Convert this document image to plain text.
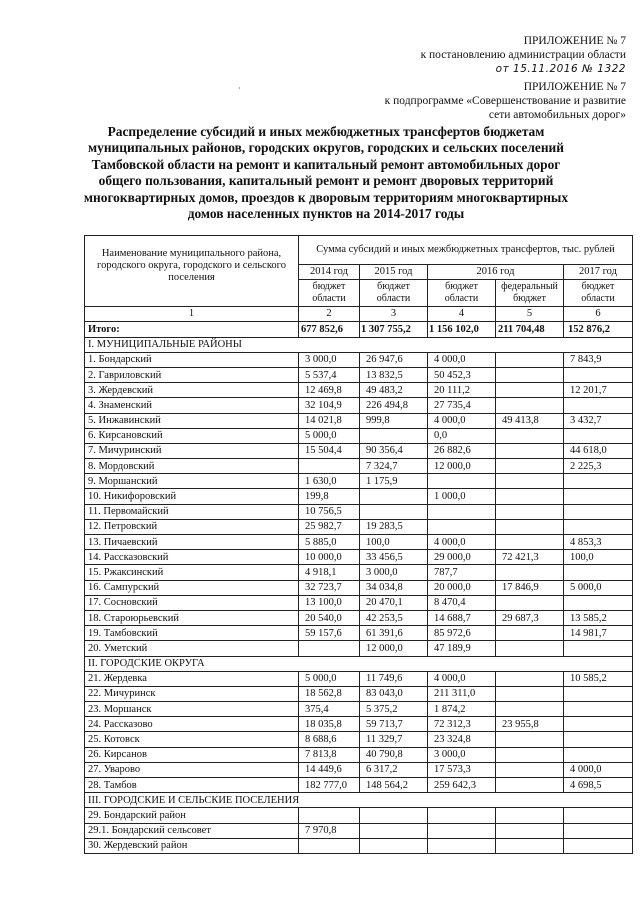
ПРИЛОЖЕНИЕ № 7
к постановлению администрации области
от 15.11.2016 № 1322
ПРИЛОЖЕНИЕ № 7
к подпрограмме «Совершенствование и развитие
сети автомобильных дорог»
Распределение субсидий и иных межбюджетных трансфертов бюджетам
муниципальных районов, городских округов, городских и сельских поселений
Тамбовской области на ремонт и капитальный ремонт автомобильных дорог
общего пользования, капитальный ремонт и ремонт дворовых территорий
многоквартирных домов, проездов к дворовым территориям многоквартирных
домов населенных пунктов на 2014-2017 годы
Наименование муниципального района, городского округа, городского и сельского поселения	Сумма субсидий и иных межбюджетных трансфертов, тыс. рублей				
	2014 год	2015 год	2016 год		2017 год
	бюджет области	бюджет области	бюджет области	федеральный бюджет	бюджет области
1	2	3	4	5	6
Итого:	677 852,6	1 307 755,2	1 156 102,0	211 704,48	152 876,2
I. МУНИЦИПАЛЬНЫЕ РАЙОНЫ					
1. Бондарский	3 000,0	26 947,6	4 000,0		7 843,9
2. Гавриловский	5 537,4	13 832,5	50 452,3		
3. Жердевский	12 469,8	49 483,2	20 111,2		12 201,7
4. Знаменский	32 104,9	226 494,8	27 735,4		
5. Инжавинский	14 021,8	999,8	4 000,0	49 413,8	3 432,7
6. Кирсановский	5 000,0		0,0		
7. Мичуринский	15 504,4	90 356,4	26 882,6		44 618,0
8. Мордовский		7 324,7	12 000,0		2 225,3
9. Моршанский	1 630,0	1 175,9			
10. Никифоровский	199,8		1 000,0		
11. Первомайский	10 756,5				
12. Петровский	25 982,7	19 283,5			
13. Пичаевский	5 885,0	100,0	4 000,0		4 853,3
14. Рассказовский	10 000,0	33 456,5	29 000,0	72 421,3	100,0
15. Ржаксинский	4 918,1	3 000,0	787,7		
16. Сампурский	32 723,7	34 034,8	20 000,0	17 846,9	5 000,0
17. Сосновский	13 100,0	20 470,1	8 470,4		
18. Староюрьевский	20 540,0	42 253,5	14 688,7	29 687,3	13 585,2
19. Тамбовский	59 157,6	61 391,6	85 972,6		14 981,7
20. Уметский		12 000,0	47 189,9		
II. ГОРОДСКИЕ ОКРУГА					
21. Жердевка	5 000,0	11 749,6	4 000,0		10 585,2
22. Мичуринск	18 562,8	83 043,0	211 311,0		
23. Моршанск	375,4	5 375,2	1 874,2		
24. Рассказово	18 035,8	59 713,7	72 312,3	23 955,8	
25. Котовск	8 688,6	11 329,7	23 324,8		
26. Кирсанов	7 813,8	40 790,8	3 000,0		
27. Уварово	14 449,6	6 317,2	17 573,3		4 000,0
28. Тамбов	182 777,0	148 564,2	259 642,3		4 698,5
III. ГОРОДСКИЕ И СЕЛЬСКИЕ ПОСЕЛЕНИЯ					
29. Бондарский район					
29.1. Бондарский сельсовет	7 970,8				
30. Жердевский район					
·
